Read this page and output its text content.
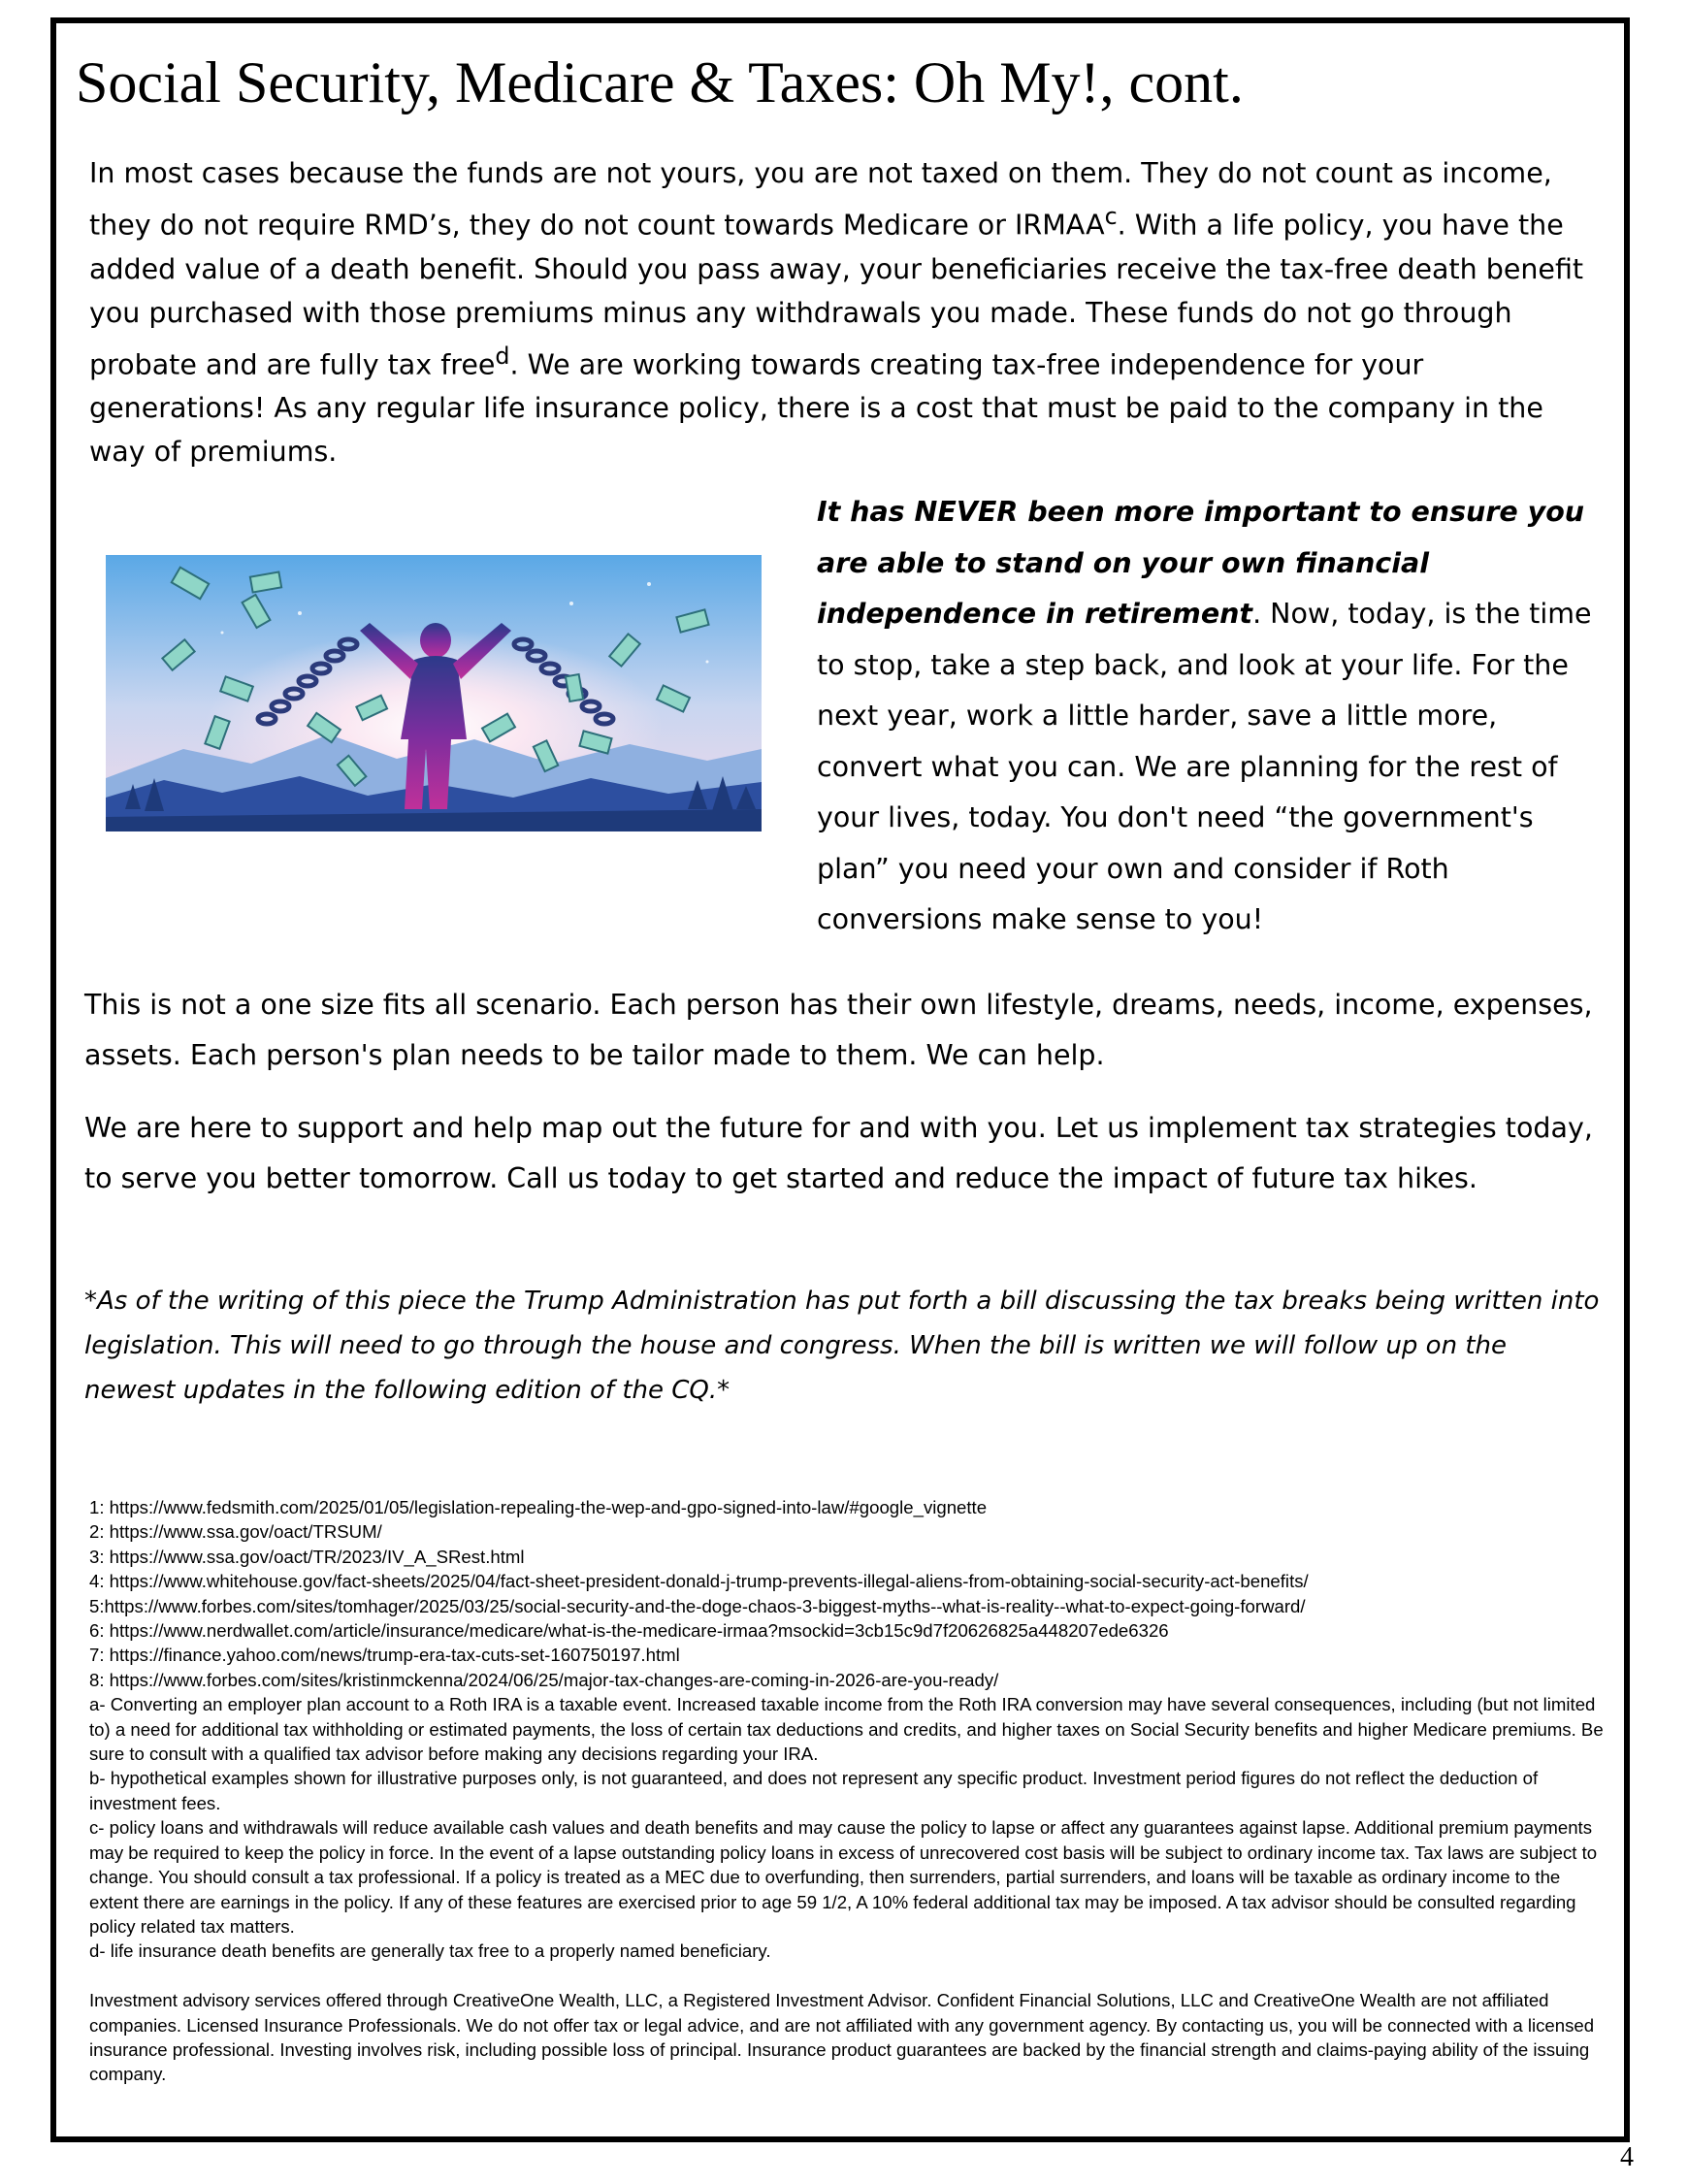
Social Security, Medicare & Taxes: Oh My!, cont.

In most cases because the funds are not yours, you are not taxed on them. They do not count as income, they do not require RMD’s, they do not count towards Medicare or IRMAA$^c$. With a life policy, you have the added value of a death benefit. Should you pass away, your beneficiaries receive the tax-free death benefit you purchased with those premiums minus any withdrawals you made. These funds do not go through probate and are fully tax free$^d$. We are working towards creating tax-free independence for your generations! As any regular life insurance policy, there is a cost that must be paid to the company in the way of premiums.

It has NEVER been more important to ensure you are able to stand on your own financial independence in retirement. Now, today, is the time to stop, take a step back, and look at your life. For the next year, work a little harder, save a little more, convert what you can. We are planning for the rest of your lives, today. You don't need “the government's plan” you need your own and consider if Roth conversions make sense to you!

This is not a one size fits all scenario. Each person has their own lifestyle, dreams, needs, income, expenses, assets. Each person's plan needs to be tailor made to them. We can help.

We are here to support and help map out the future for and with you. Let us implement tax strategies today, to serve you better tomorrow. Call us today to get started and reduce the impact of future tax hikes.

*As of the writing of this piece the Trump Administration has put forth a bill discussing the tax breaks being written into legislation. This will need to go through the house and congress. When the bill is written we will follow up on the newest updates in the following edition of the CQ.*

1: https://www.fedsmith.com/2025/01/05/legislation-repealing-the-wep-and-gpo-signed-into-law/#google_vignette
2: https://www.ssa.gov/oact/TRSUM/
3: https://www.ssa.gov/oact/TR/2023/IV_A_SRest.html
4: https://www.whitehouse.gov/fact-sheets/2025/04/fact-sheet-president-donald-j-trump-prevents-illegal-aliens-from-obtaining-social-security-act-benefits/
5:https://www.forbes.com/sites/tomhager/2025/03/25/social-security-and-the-doge-chaos-3-biggest-myths--what-is-reality--what-to-expect-going-forward/
6: https://www.nerdwallet.com/article/insurance/medicare/what-is-the-medicare-irmaa?msockid=3cb15c9d7f20626825a448207ede6326
7: https://finance.yahoo.com/news/trump-era-tax-cuts-set-160750197.html
8: https://www.forbes.com/sites/kristinmckenna/2024/06/25/major-tax-changes-are-coming-in-2026-are-you-ready/
a- Converting an employer plan account to a Roth IRA is a taxable event. Increased taxable income from the Roth IRA conversion may have several consequences, including (but not limited to) a need for additional tax withholding or estimated payments, the loss of certain tax deductions and credits, and higher taxes on Social Security benefits and higher Medicare premiums. Be sure to consult with a qualified tax advisor before making any decisions regarding your IRA.
b- hypothetical examples shown for illustrative purposes only, is not guaranteed, and does not represent any specific product. Investment period figures do not reflect the deduction of investment fees.
c- policy loans and withdrawals will reduce available cash values and death benefits and may cause the policy to lapse or affect any guarantees against lapse. Additional premium payments may be required to keep the policy in force. In the event of a lapse outstanding policy loans in excess of unrecovered cost basis will be subject to ordinary income tax. Tax laws are subject to change. You should consult a tax professional. If a policy is treated as a MEC due to overfunding, then surrenders, partial surrenders, and loans will be taxable as ordinary income to the extent there are earnings in the policy. If any of these features are exercised prior to age 59 1/2, A 10% federal additional tax may be imposed. A tax advisor should be consulted regarding policy related tax matters.
d- life insurance death benefits are generally tax free to a properly named beneficiary.
Investment advisory services offered through CreativeOne Wealth, LLC, a Registered Investment Advisor. Confident Financial Solutions, LLC and CreativeOne Wealth are not affiliated companies. Licensed Insurance Professionals. We do not offer tax or legal advice, and are not affiliated with any government agency. By contacting us, you will be connected with a licensed insurance professional. Investing involves risk, including possible loss of principal. Insurance product guarantees are backed by the financial strength and claims-paying ability of the issuing company.
4
